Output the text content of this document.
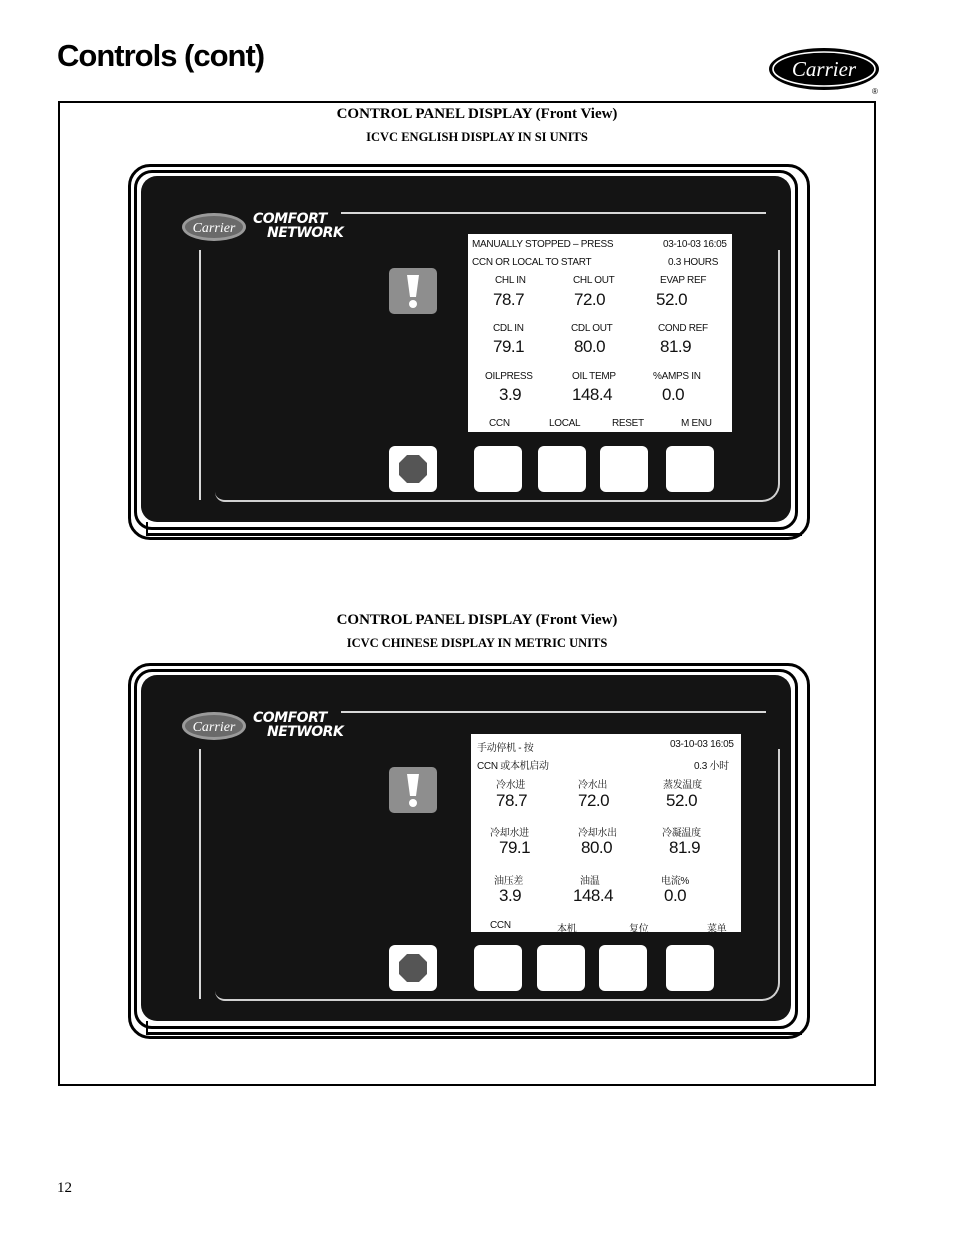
Controls (cont)	Carrier
®
CONTROL PANEL DISPLAY (Front View)
ICVC ENGLISH DISPLAY IN SI UNITS
Carrier
COMFORT
NETWORK
MANUALLY STOPPED – PRESS
CCN OR LOCAL TO START
03-10-03 16:05
0.3 HOURS
CHL IN	CHL OUT	EVAP REF
78.7	72.0	52.0
CDL IN	CDL OUT	COND REF
79.1	80.0	81.9
OILPRESS	OIL TEMP	%AMPS IN
3.9	148.4	0.0
CCN	LOCAL	RESET	M ENU
CONTROL PANEL DISPLAY (Front View)
ICVC CHINESE DISPLAY IN METRIC UNITS
Carrier
COMFORT
NETWORK
手动停机 - 按
CCN 或本机启动
03-10-03 16:05
0.3 小时
冷水进	冷水出	蒸发温度
78.7	72.0	52.0
冷却水进	冷却水出	冷凝温度
79.1	80.0	81.9
油压差	油温	电流%
3.9	148.4	0.0
CCN	本机	复位	菜单
12
